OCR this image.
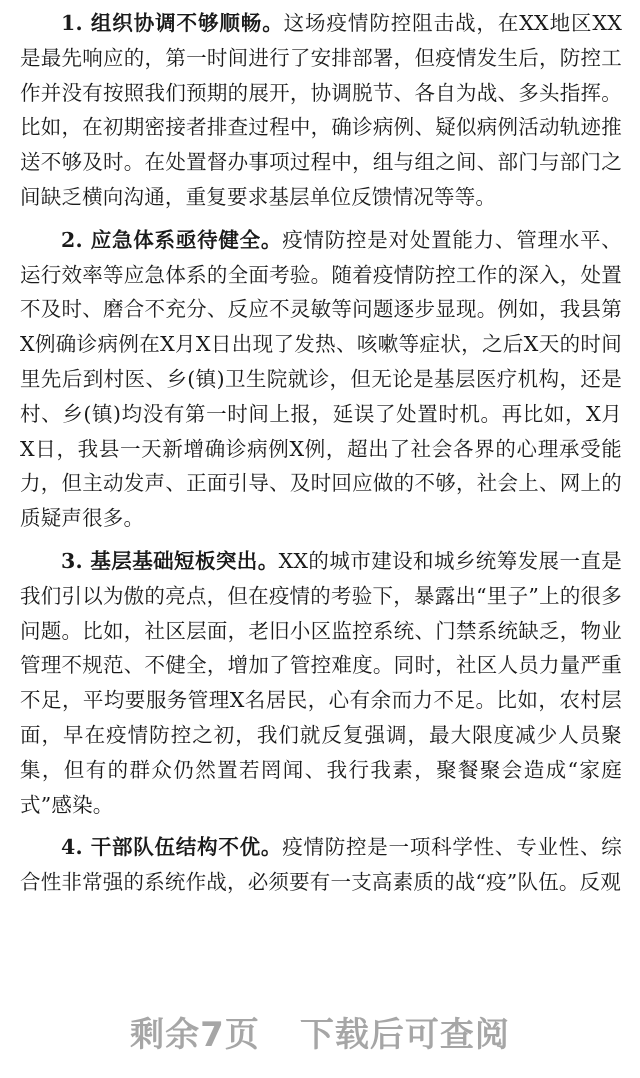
1. 组织协调不够顺畅。这场疫情防控阻击战，在XX地区XX是最先响应的，第一时间进行了安排部署，但疫情发生后，防控工作并没有按照我们预期的展开，协调脱节、各自为战、多头指挥。比如，在初期密接者排查过程中，确诊病例、疑似病例活动轨迹推送不够及时。在处置督办事项过程中，组与组之间、部门与部门之间缺乏横向沟通，重复要求基层单位反馈情况等等。

2. 应急体系亟待健全。疫情防控是对处置能力、管理水平、运行效率等应急体系的全面考验。随着疫情防控工作的深入，处置不及时、磨合不充分、反应不灵敏等问题逐步显现。例如，我县第X例确诊病例在X月X日出现了发热、咳嗽等症状，之后X天的时间里先后到村医、乡(镇)卫生院就诊，但无论是基层医疗机构，还是村、乡(镇)均没有第一时间上报，延误了处置时机。再比如，X月X日，我县一天新增确诊病例X例，超出了社会各界的心理承受能力，但主动发声、正面引导、及时回应做的不够，社会上、网上的质疑声很多。

3. 基层基础短板突出。XX的城市建设和城乡统筹发展一直是我们引以为傲的亮点，但在疫情的考验下，暴露出“里子”上的很多问题。比如，社区层面，老旧小区监控系统、门禁系统缺乏，物业管理不规范、不健全，增加了管控难度。同时，社区人员力量严重不足，平均要服务管理X名居民，心有余而力不足。比如，农村层面，早在疫情防控之初，我们就反复强调，最大限度减少人员聚集，但有的群众仍然置若罔闻、我行我素，聚餐聚会造成“家庭式”感染。

4. 干部队伍结构不优。疫情防控是一项科学性、专业性、综合性非常强的系统作战，必须要有一支高素质的战“疫”队伍。反观

剩余7页 下载后可查阅
